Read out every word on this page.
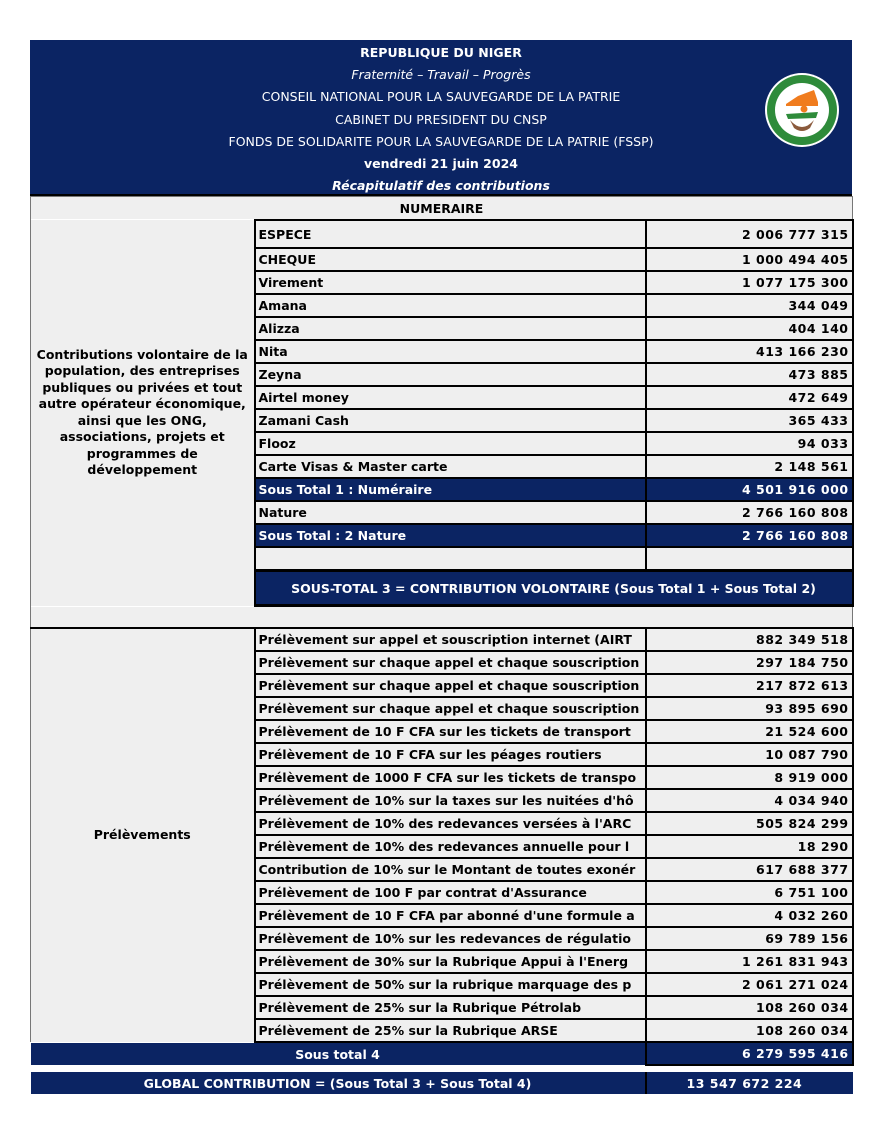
REPUBLIQUE DU NIGER
Fraternité – Travail – Progrès
CONSEIL NATIONAL POUR LA SAUVEGARDE DE LA PATRIE
CABINET DU PRESIDENT DU CNSP
FONDS DE SOLIDARITE POUR LA SAUVEGARDE DE LA PATRIE (FSSP)
vendredi 21 juin 2024
Récapitulatif des contributions
NUMERAIRE			
Contributions volontaire de la population, des entreprises publiques ou privées et tout autre opérateur économique, ainsi que les ONG, associations, projets et programmes de développement	ESPECE	2 006 777 315	
	CHEQUE	1 000 494 405	
	Virement	1 077 175 300	
	Amana	344 049	
	Alizza	404 140	
	Nita	413 166 230	
	Zeyna	473 885	
	Airtel money	472 649	
	Zamani Cash	365 433	
	Flooz	94 033	
	Carte Visas & Master carte	2 148 561	
	Sous Total 1 : Numéraire	4 501 916 000	
	Nature	2 766 160 808	
	Sous Total : 2 Nature	2 766 160 808	

	SOUS-TOTAL 3 = CONTRIBUTION VOLONTAIRE (Sous Total 1 + Sous Total 2)	

Prélèvements	Prélèvement sur appel et souscription internet (AIRT	882 349 518	
	Prélèvement sur chaque appel et chaque souscription	297 184 750	
	Prélèvement sur chaque appel et chaque souscription	217 872 613	
	Prélèvement sur chaque appel et chaque souscription	93 895 690	
	Prélèvement de 10 F CFA sur les tickets de transport	21 524 600	
	Prélèvement de 10 F CFA sur les péages routiers	10 087 790	
	Prélèvement de 1000 F CFA sur les tickets de transpo	8 919 000	
	Prélèvement de 10% sur la taxes sur les nuitées d'hô	4 034 940	
	Prélèvement de 10% des redevances versées à l'ARC	505 824 299	
	Prélèvement de 10% des redevances annuelle pour l	18 290	
	Contribution de 10% sur le Montant de toutes exonér	617 688 377	
	Prélèvement de 100 F par contrat d'Assurance	6 751 100	
	Prélèvement de 10 F CFA par abonné d'une formule a	4 032 260	
	Prélèvement de 10% sur les redevances de régulatio	69 789 156	
	Prélèvement de 30% sur la Rubrique Appui à l'Energ	1 261 831 943	
	Prélèvement de 50% sur la rubrique marquage des p	2 061 271 024	
	Prélèvement de 25% sur la Rubrique Pétrolab	108 260 034	
	Prélèvement de 25% sur la Rubrique ARSE	108 260 034	
Sous total 4		6 279 595 416	

GLOBAL CONTRIBUTION = (Sous Total 3 + Sous Total 4)		13 547 672 224	
